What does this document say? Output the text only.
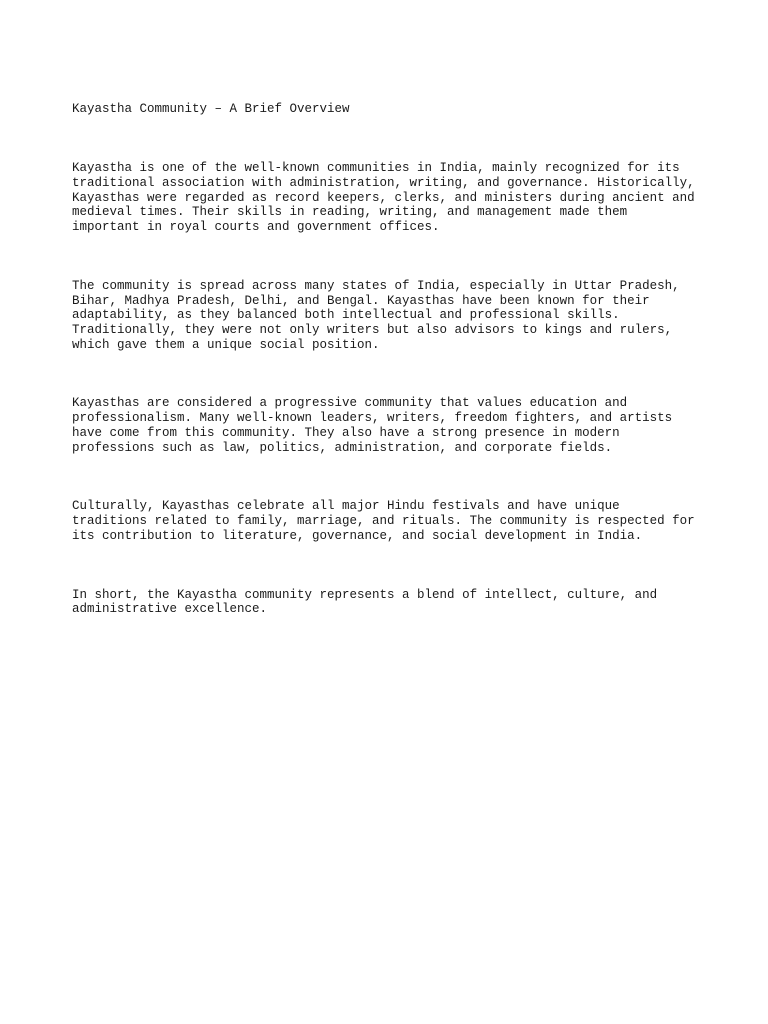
Kayastha Community – A Brief Overview

Kayastha is one of the well-known communities in India, mainly recognized for its
traditional association with administration, writing, and governance. Historically,
Kayasthas were regarded as record keepers, clerks, and ministers during ancient and
medieval times. Their skills in reading, writing, and management made them
important in royal courts and government offices.

The community is spread across many states of India, especially in Uttar Pradesh,
Bihar, Madhya Pradesh, Delhi, and Bengal. Kayasthas have been known for their
adaptability, as they balanced both intellectual and professional skills.
Traditionally, they were not only writers but also advisors to kings and rulers,
which gave them a unique social position.

Kayasthas are considered a progressive community that values education and
professionalism. Many well-known leaders, writers, freedom fighters, and artists
have come from this community. They also have a strong presence in modern
professions such as law, politics, administration, and corporate fields.

Culturally, Kayasthas celebrate all major Hindu festivals and have unique
traditions related to family, marriage, and rituals. The community is respected for
its contribution to literature, governance, and social development in India.

In short, the Kayastha community represents a blend of intellect, culture, and
administrative excellence.
